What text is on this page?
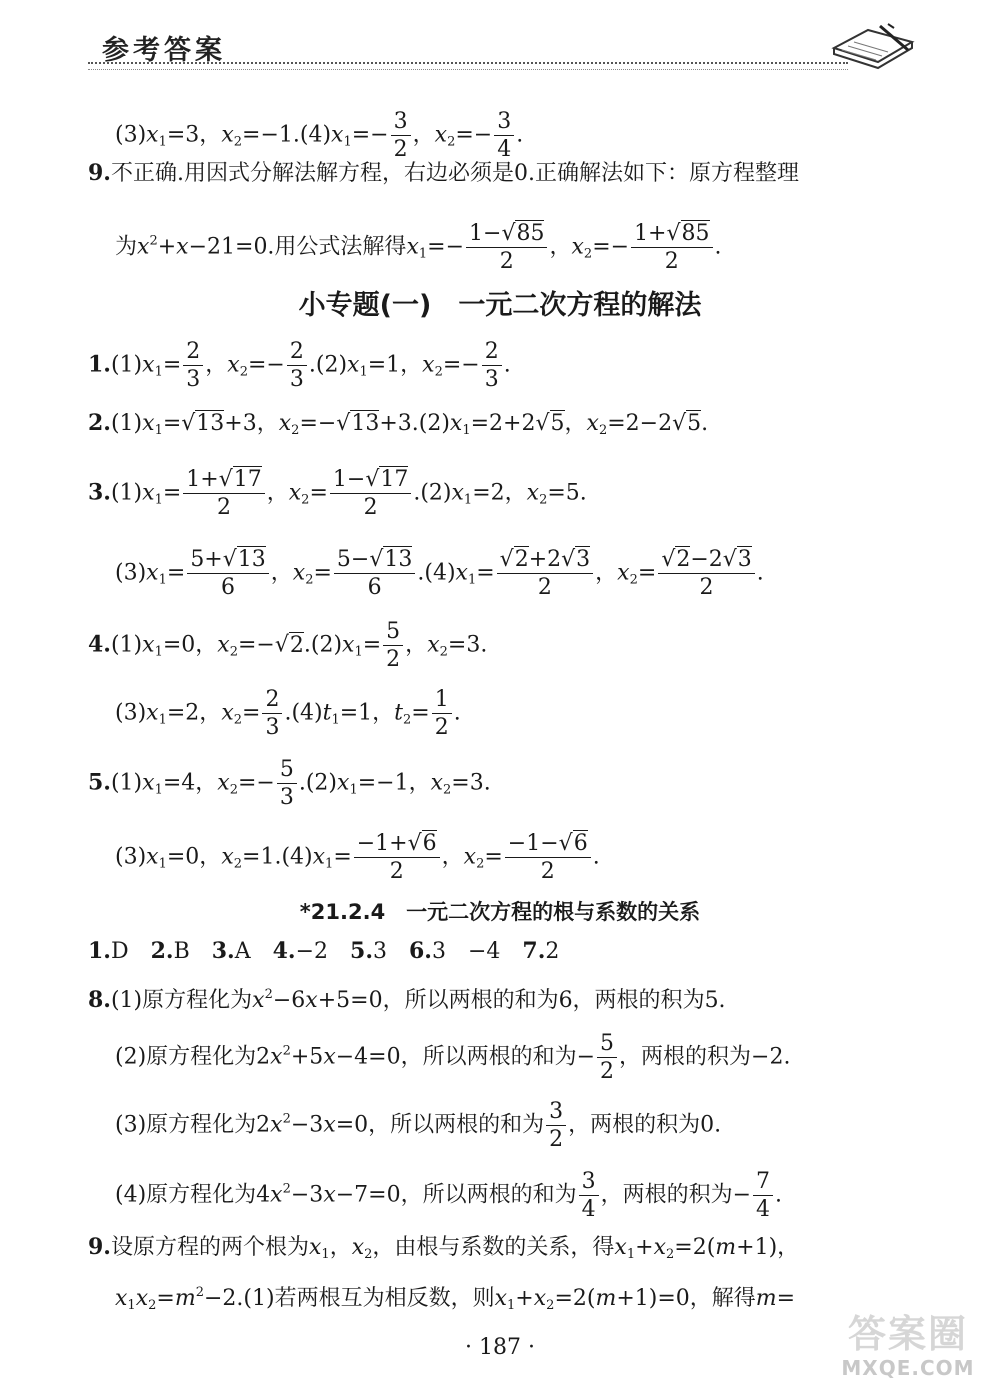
参考答案
$(3)x_1=3$，$x_2=-1.(4)x_1=- \frac{3}{2}$ ，$x_2=- \frac{3}{4}$ .
9.不正确.用因式分解法解方程，右边必须是0.正确解法如下：原方程整理
为$x^2+x-21=0$.用公式法解得$x_1=- \frac{1-√85}{2}$ ，$x_2=- \frac{1+√85}{2}$ .
小专题(一)　一元二次方程的解法
$1.(1)x_1= \frac{2}{3}$ ，$x_2=- \frac{2}{3} .(2)x_1=1$，$x_2=- \frac{2}{3}$ .
$2.(1)x_1=√13+3$，$x_2=-√13+3.(2)x_1=2+2√5$，$x_2=2-2√5$.
$3.(1)x_1= \frac{1+√17}{2}$ ，$x_2= \frac{1-√17}{2} .(2)x_1=2$，$x_2=5$.
$(3)x_1= \frac{5+√13}{6}$ ，$x_2= \frac{5-√13}{6} .(4)x_1= \frac{√2+2√3}{2}$ ，$x_2= \frac{√2-2√3}{2}$ .
$4.(1)x_1=0$，$x_2=-√2.(2)x_1= \frac{5}{2}$ ，$x_2=3$.
$(3)x_1=2$，$x_2= \frac{2}{3} .(4)t_1=1$，$t_2= \frac{1}{2}$ .
$5.(1)x_1=4$，$x_2=- \frac{5}{3} .(2)x_1=-1$，$x_2=3$.
$(3)x_1=0$，$x_2=1.(4)x_1= \frac{-1+√6}{2}$ ，$x_2= \frac{-1-√6}{2}$ .
*21.2.4　一元二次方程的根与系数的关系
1.D　2.B　3.A　4.−2　5.3　6.3　−4　7.2
8.(1)原方程化为$x^2-6x+5=0$，所以两根的和为6，两根的积为5.
(2)原方程化为$2x^2+5x-4=0$，所以两根的和为− $\frac{5}{2}$ ，两根的积为−2.
(3)原方程化为$2x^2-3x=0$，所以两根的和为 $\frac{3}{2}$ ，两根的积为0.
(4)原方程化为$4x^2-3x-7=0$，所以两根的和为 $\frac{3}{4}$ ，两根的积为− $\frac{7}{4}$ .
9.设原方程的两个根为$x_1$，$x_2$，由根与系数的关系，得$x_1+x_2=2(m+1)$，
$x_1x_2=m^2-2.(1)$若两根互为相反数，则$x_1+x_2=2(m+1)=0$，解得m=
· 187 ·	答案圈
MXQE.COM
